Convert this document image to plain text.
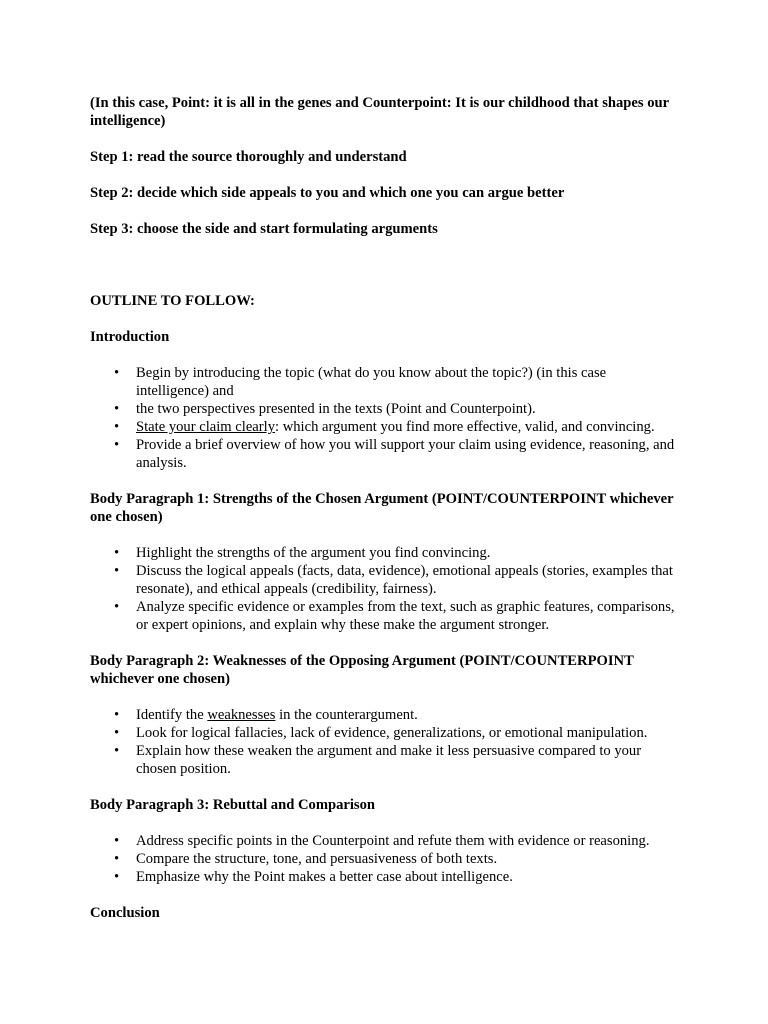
(In this case, Point: it is all in the genes and Counterpoint: It is our childhood that shapes our intelligence)

Step 1: read the source thoroughly and understand

Step 2: decide which side appeals to you and which one you can argue better

Step 3: choose the side and start formulating arguments

OUTLINE TO FOLLOW:

Introduction

• Begin by introducing the topic (what do you know about the topic?) (in this case intelligence) and
• the two perspectives presented in the texts (Point and Counterpoint).
• State your claim clearly: which argument you find more effective, valid, and convincing.
• Provide a brief overview of how you will support your claim using evidence, reasoning, and analysis.

Body Paragraph 1: Strengths of the Chosen Argument (POINT/COUNTERPOINT whichever one chosen)

• Highlight the strengths of the argument you find convincing.
• Discuss the logical appeals (facts, data, evidence), emotional appeals (stories, examples that resonate), and ethical appeals (credibility, fairness).
• Analyze specific evidence or examples from the text, such as graphic features, comparisons, or expert opinions, and explain why these make the argument stronger.

Body Paragraph 2: Weaknesses of the Opposing Argument (POINT/COUNTERPOINT whichever one chosen)

• Identify the weaknesses in the counterargument.
• Look for logical fallacies, lack of evidence, generalizations, or emotional manipulation.
• Explain how these weaken the argument and make it less persuasive compared to your chosen position.

Body Paragraph 3: Rebuttal and Comparison

• Address specific points in the Counterpoint and refute them with evidence or reasoning.
• Compare the structure, tone, and persuasiveness of both texts.
• Emphasize why the Point makes a better case about intelligence.

Conclusion
